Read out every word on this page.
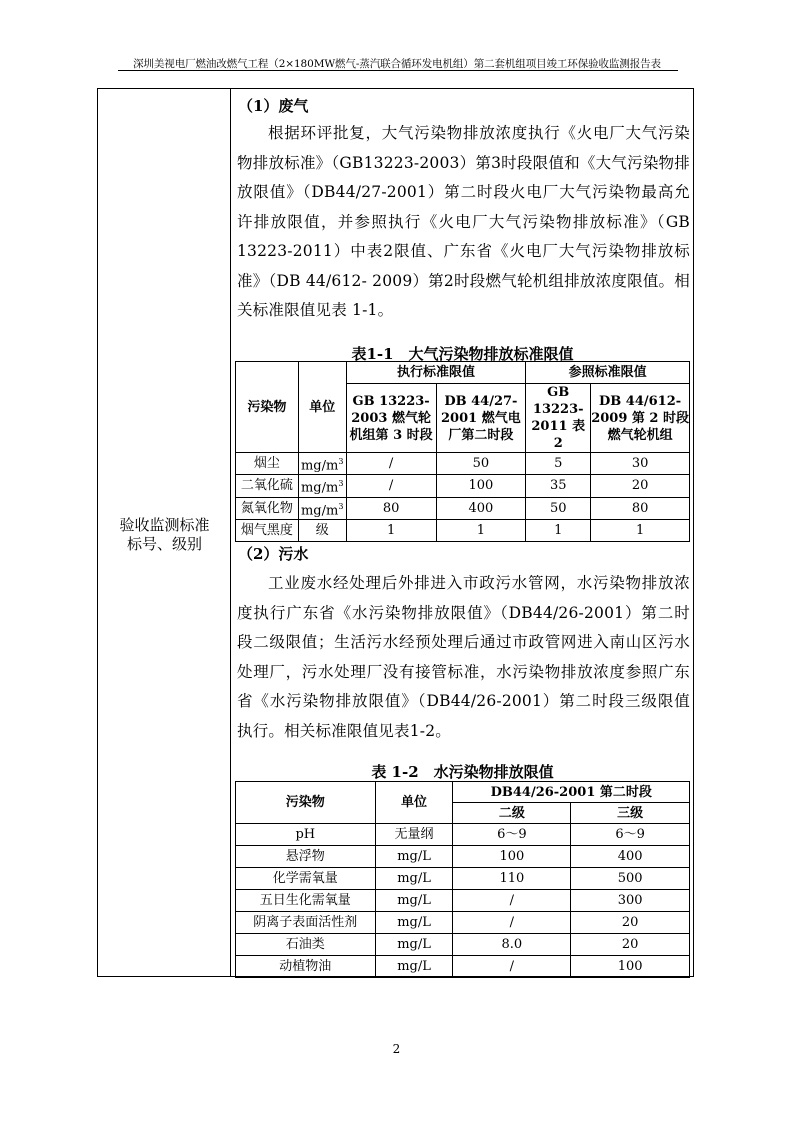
深圳美视电厂燃油改燃气工程（2×180MW燃气-蒸汽联合循环发电机组）第二套机组项目竣工环保验收监测报告表
验收监测标准
标号、级别
（1）废气
根据环评批复，大气污染物排放浓度执行《火电厂大气污染物排放标准》（GB13223-2003）第3时段限值和《大气污染物排放限值》（DB44/27-2001）第二时段火电厂大气污染物最高允许排放限值，并参照执行《火电厂大气污染物排放标准》（GB 13223-2011）中表2限值、广东省《火电厂大气污染物排放标准》（DB 44/612- 2009）第2时段燃气轮机组排放浓度限值。相关标准限值见表 1-1。
表1-1　大气污染物排放标准限值
污染物	单位	执行标准限值		参照标准限值	
		GB 13223-2003 燃气轮机组第 3 时段	DB 44/27-2001 燃气电厂第二时段	GB 13223-2011 表 2	DB 44/612-2009 第 2 时段燃气轮机组
烟尘	$mg/m^3$	/	50	5	30
二氧化硫	$mg/m^3$	/	100	35	20
氮氧化物	$mg/m^3$	80	400	50	80
烟气黑度	级	1	1	1	1
（2）污水
工业废水经处理后外排进入市政污水管网，水污染物排放浓度执行广东省《水污染物排放限值》（DB44/26-2001）第二时段二级限值；生活污水经预处理后通过市政管网进入南山区污水处理厂，污水处理厂没有接管标准，水污染物排放浓度参照广东省《水污染物排放限值》（DB44/26-2001）第二时段三级限值执行。相关标准限值见表1-2。
表 1-2　水污染物排放限值
污染物	单位	DB44/26-2001 第二时段	
		二级	三级
pH	无量纲	6～9	6～9
悬浮物	mg/L	100	400
化学需氧量	mg/L	110	500
五日生化需氧量	mg/L	/	300
阴离子表面活性剂	mg/L	/	20
石油类	mg/L	8.0	20
动植物油	mg/L	/	100
2
